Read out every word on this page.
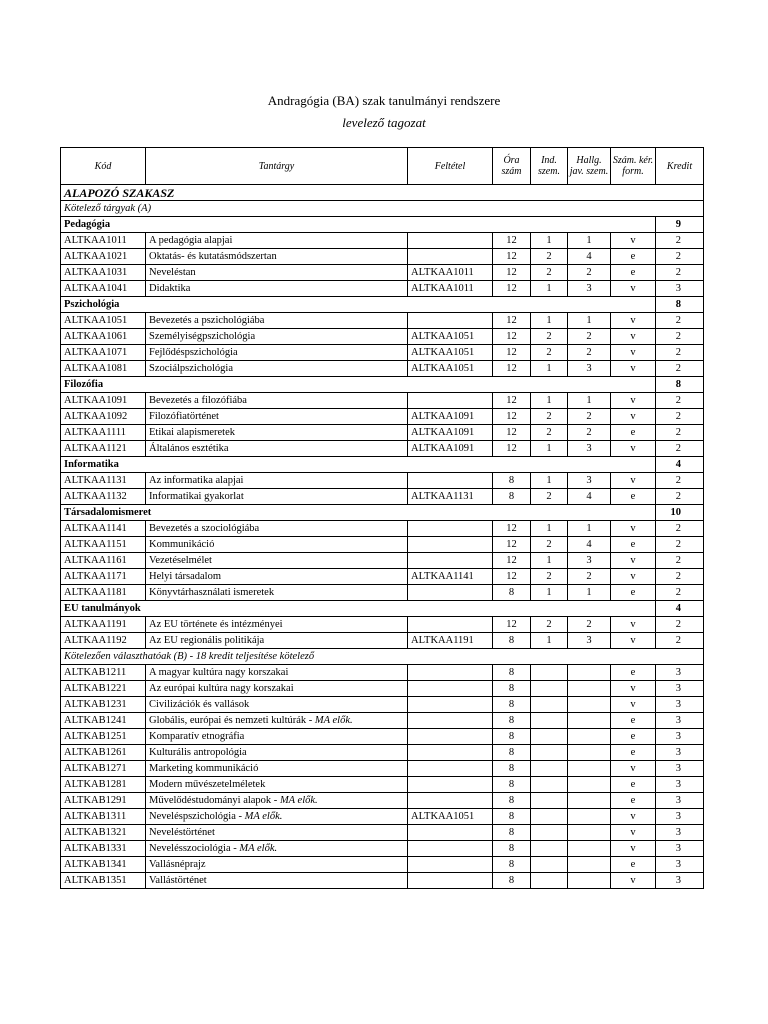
Andragógia (BA) szak tanulmányi rendszere
levelező tagozat
Kód	Tantárgy	Feltétel	Óra szám	Ind. szem.	Hallg. jav. szem.	Szám. kér. form.	Kredit
ALAPOZÓ SZAKASZ							
Kötelező tárgyak (A)							
Pedagógia							9
ALTKAA1011	A pedagógia alapjai		12	1	1	v	2
ALTKAA1021	Oktatás- és kutatásmódszertan		12	2	4	e	2
ALTKAA1031	Neveléstan	ALTKAA1011	12	2	2	e	2
ALTKAA1041	Didaktika	ALTKAA1011	12	1	3	v	3
Pszichológia							8
ALTKAA1051	Bevezetés a pszichológiába		12	1	1	v	2
ALTKAA1061	Személyiségpszichológia	ALTKAA1051	12	2	2	v	2
ALTKAA1071	Fejlődéspszichológia	ALTKAA1051	12	2	2	v	2
ALTKAA1081	Szociálpszichológia	ALTKAA1051	12	1	3	v	2
Filozófia							8
ALTKAA1091	Bevezetés a filozófiába		12	1	1	v	2
ALTKAA1092	Filozófiatörténet	ALTKAA1091	12	2	2	v	2
ALTKAA1111	Etikai alapismeretek	ALTKAA1091	12	2	2	e	2
ALTKAA1121	Általános esztétika	ALTKAA1091	12	1	3	v	2
Informatika							4
ALTKAA1131	Az informatika alapjai		8	1	3	v	2
ALTKAA1132	Informatikai gyakorlat	ALTKAA1131	8	2	4	e	2
Társadalomismeret							10
ALTKAA1141	Bevezetés a szociológiába		12	1	1	v	2
ALTKAA1151	Kommunikáció		12	2	4	e	2
ALTKAA1161	Vezetéselmélet		12	1	3	v	2
ALTKAA1171	Helyi társadalom	ALTKAA1141	12	2	2	v	2
ALTKAA1181	Könyvtárhasználati ismeretek		8	1	1	e	2
EU tanulmányok							4
ALTKAA1191	Az EU története és intézményei		12	2	2	v	2
ALTKAA1192	Az EU regionális politikája	ALTKAA1191	8	1	3	v	2
Kötelezően választhatóak (B) - 18 kredit teljesítése kötelező							
ALTKAB1211	A magyar kultúra nagy korszakai		8			e	3
ALTKAB1221	Az európai kultúra nagy korszakai		8			v	3
ALTKAB1231	Civilizációk és vallások		8			v	3
ALTKAB1241	Globális, európai és nemzeti kultúrák - MA elők.		8			e	3
ALTKAB1251	Komparatív etnográfia		8			e	3
ALTKAB1261	Kulturális antropológia		8			e	3
ALTKAB1271	Marketing kommunikáció		8			v	3
ALTKAB1281	Modern művészetelméletek		8			e	3
ALTKAB1291	Művelődéstudományi alapok - MA elők.		8			e	3
ALTKAB1311	Neveléspszichológia - MA elők.	ALTKAA1051	8			v	3
ALTKAB1321	Neveléstörténet		8			v	3
ALTKAB1331	Nevelésszociológia - MA elők.		8			v	3
ALTKAB1341	Vallásnéprajz		8			e	3
ALTKAB1351	Vallástörténet		8			v	3
